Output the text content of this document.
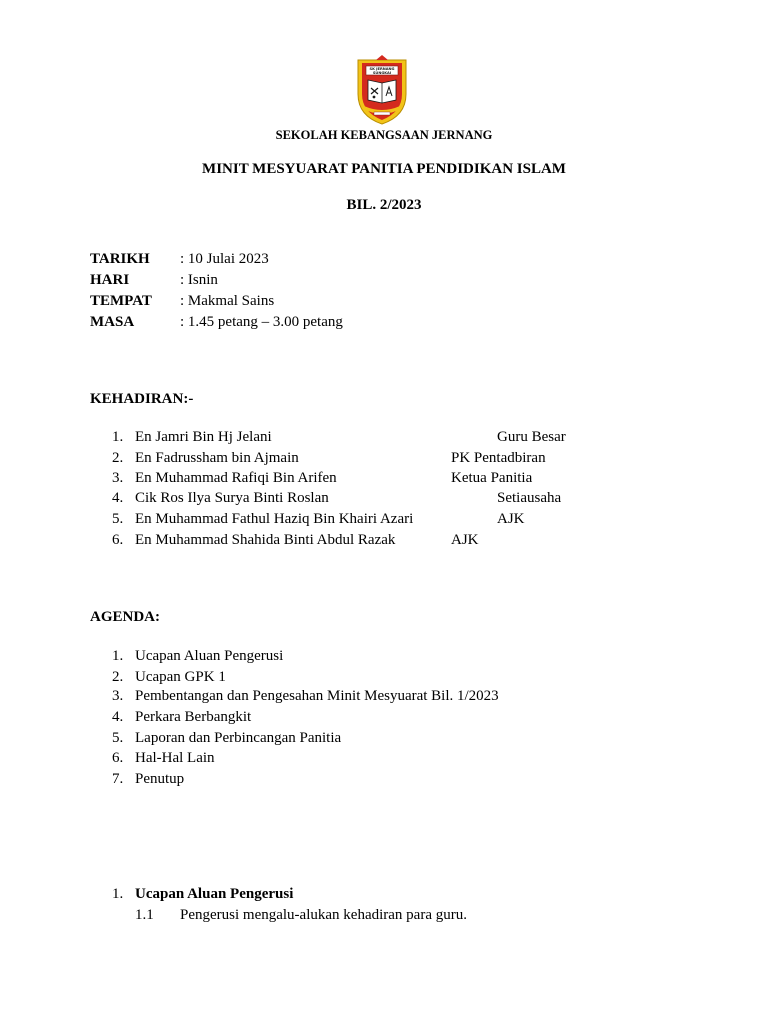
SK JERNANG
SUNGKAI
SEKOLAH KEBANGSAAN JERNANG
MINIT MESYUARAT PANITIA PENDIDIKAN ISLAM
BIL. 2/2023
TARIKH : 10 Julai 2023
HARI	: Isnin
TEMPAT : Makmal Sains
MASA	: 1.45 petang – 3.00 petang
KEHADIRAN:-
1. En Jamri Bin Hj Jelani	Guru Besar
2. En Fadrussham bin Ajmain	PK Pentadbiran
3. En Muhammad Rafiqi Bin Arifen	Ketua Panitia
4. Cik Ros Ilya Surya Binti Roslan	Setiausaha
5. En Muhammad Fathul Haziq Bin Khairi Azari	AJK
6. En Muhammad Shahida Binti Abdul Razak	AJK
AGENDA:
1. Ucapan Aluan Pengerusi
2. Ucapan GPK 1
3. Pembentangan dan Pengesahan Minit Mesyuarat Bil. 1/2023
4. Perkara Berbangkit
5. Laporan dan Perbincangan Panitia
6. Hal-Hal Lain
7. Penutup
1. Ucapan Aluan Pengerusi
1.1 Pengerusi mengalu-alukan kehadiran para guru.
